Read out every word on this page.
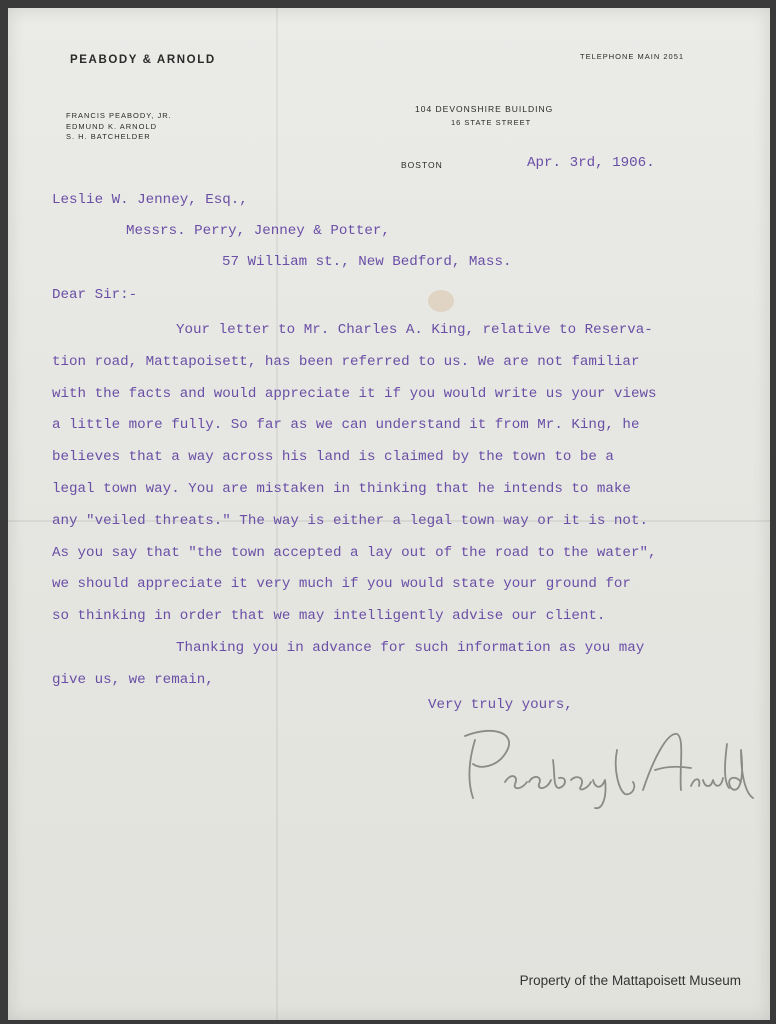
PEABODY & ARNOLD	TELEPHONE MAIN 2051
FRANCIS PEABODY, JR.
EDMUND K. ARNOLD
S. H. BATCHELDER
104 DEVONSHIRE BUILDING
16 STATE STREET
BOSTON	Apr. 3rd, 1906.
Leslie W. Jenney, Esq.,
Messrs. Perry, Jenney & Potter,
57 William st., New Bedford, Mass.
Dear Sir:-
Your letter to Mr. Charles A. King, relative to Reserva-
tion road, Mattapoisett, has been referred to us. We are not familiar
with the facts and would appreciate it if you would write us your views
a little more fully. So far as we can understand it from Mr. King, he
believes that a way across his land is claimed by the town to be a
legal town way. You are mistaken in thinking that he intends to make
any "veiled threats." The way is either a legal town way or it is not.
As you say that "the town accepted a lay out of the road to the water",
we should appreciate it very much if you would state your ground for
so thinking in order that we may intelligently advise our client.
Thanking you in advance for such information as you may
give us, we remain,
Very truly yours,
Property of the Mattapoisett Museum
